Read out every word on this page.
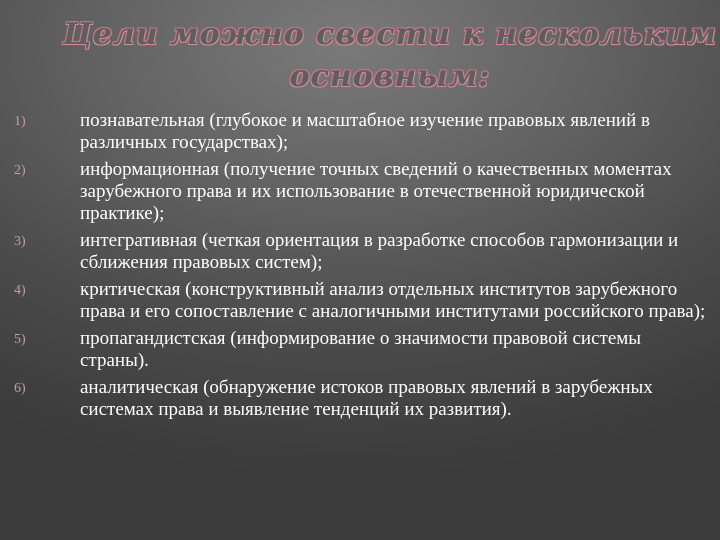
Цели можно свести к нескольким
основным:
1)	познавательная (глубокое и масштабное изучение правовых явлений в различных государствах);
2)	информационная (получение точных сведений о качественных моментах зарубежного права и их использование в отечественной юридической практике);
3)	интегративная (четкая ориентация в разработке способов гармонизации и сближения правовых систем);
4)	критическая (конструктивный анализ отдельных институтов зарубежного права и его сопоставление с аналогичными институтами российского права);
5)	пропагандистская (информирование о значимости правовой системы страны).
6)	аналитическая (обнаружение истоков правовых явлений в зарубежных системах права и выявление тенденций их развития).
